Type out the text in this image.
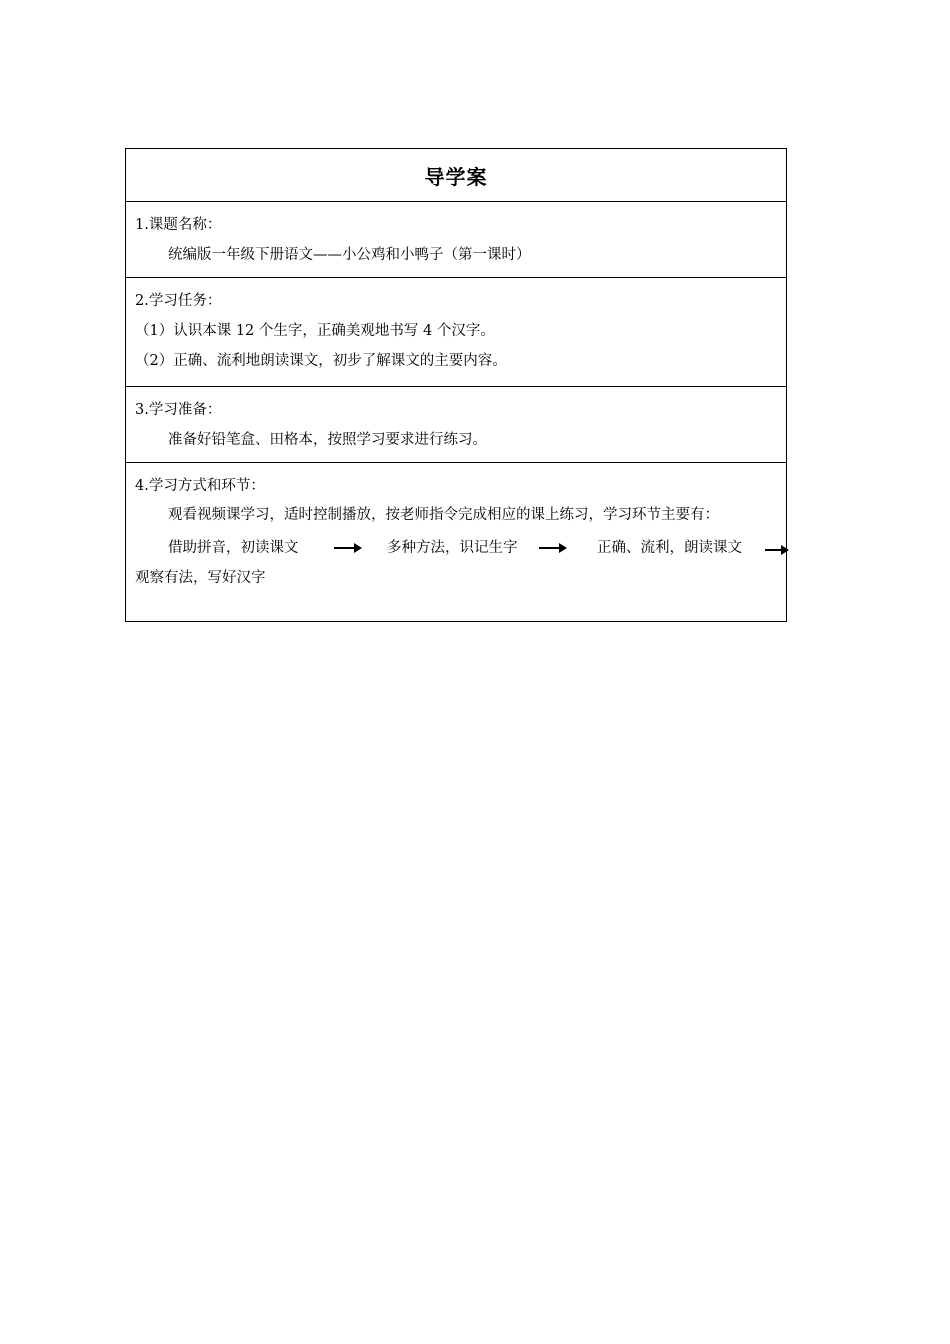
导学案
1.课题名称：
统编版一年级下册语文——小公鸡和小鸭子（第一课时）
2.学习任务：
（1）认识本课 12 个生字，正确美观地书写 4 个汉字。
（2）正确、流利地朗读课文，初步了解课文的主要内容。
3.学习准备：
准备好铅笔盒、田格本，按照学习要求进行练习。
4.学习方式和环节：
观看视频课学习，适时控制播放，按老师指令完成相应的课上练习，学习环节主要有：
借助拼音，初读课文	多种方法，识记生字	正确、流利，朗读课文
观察有法，写好汉字
